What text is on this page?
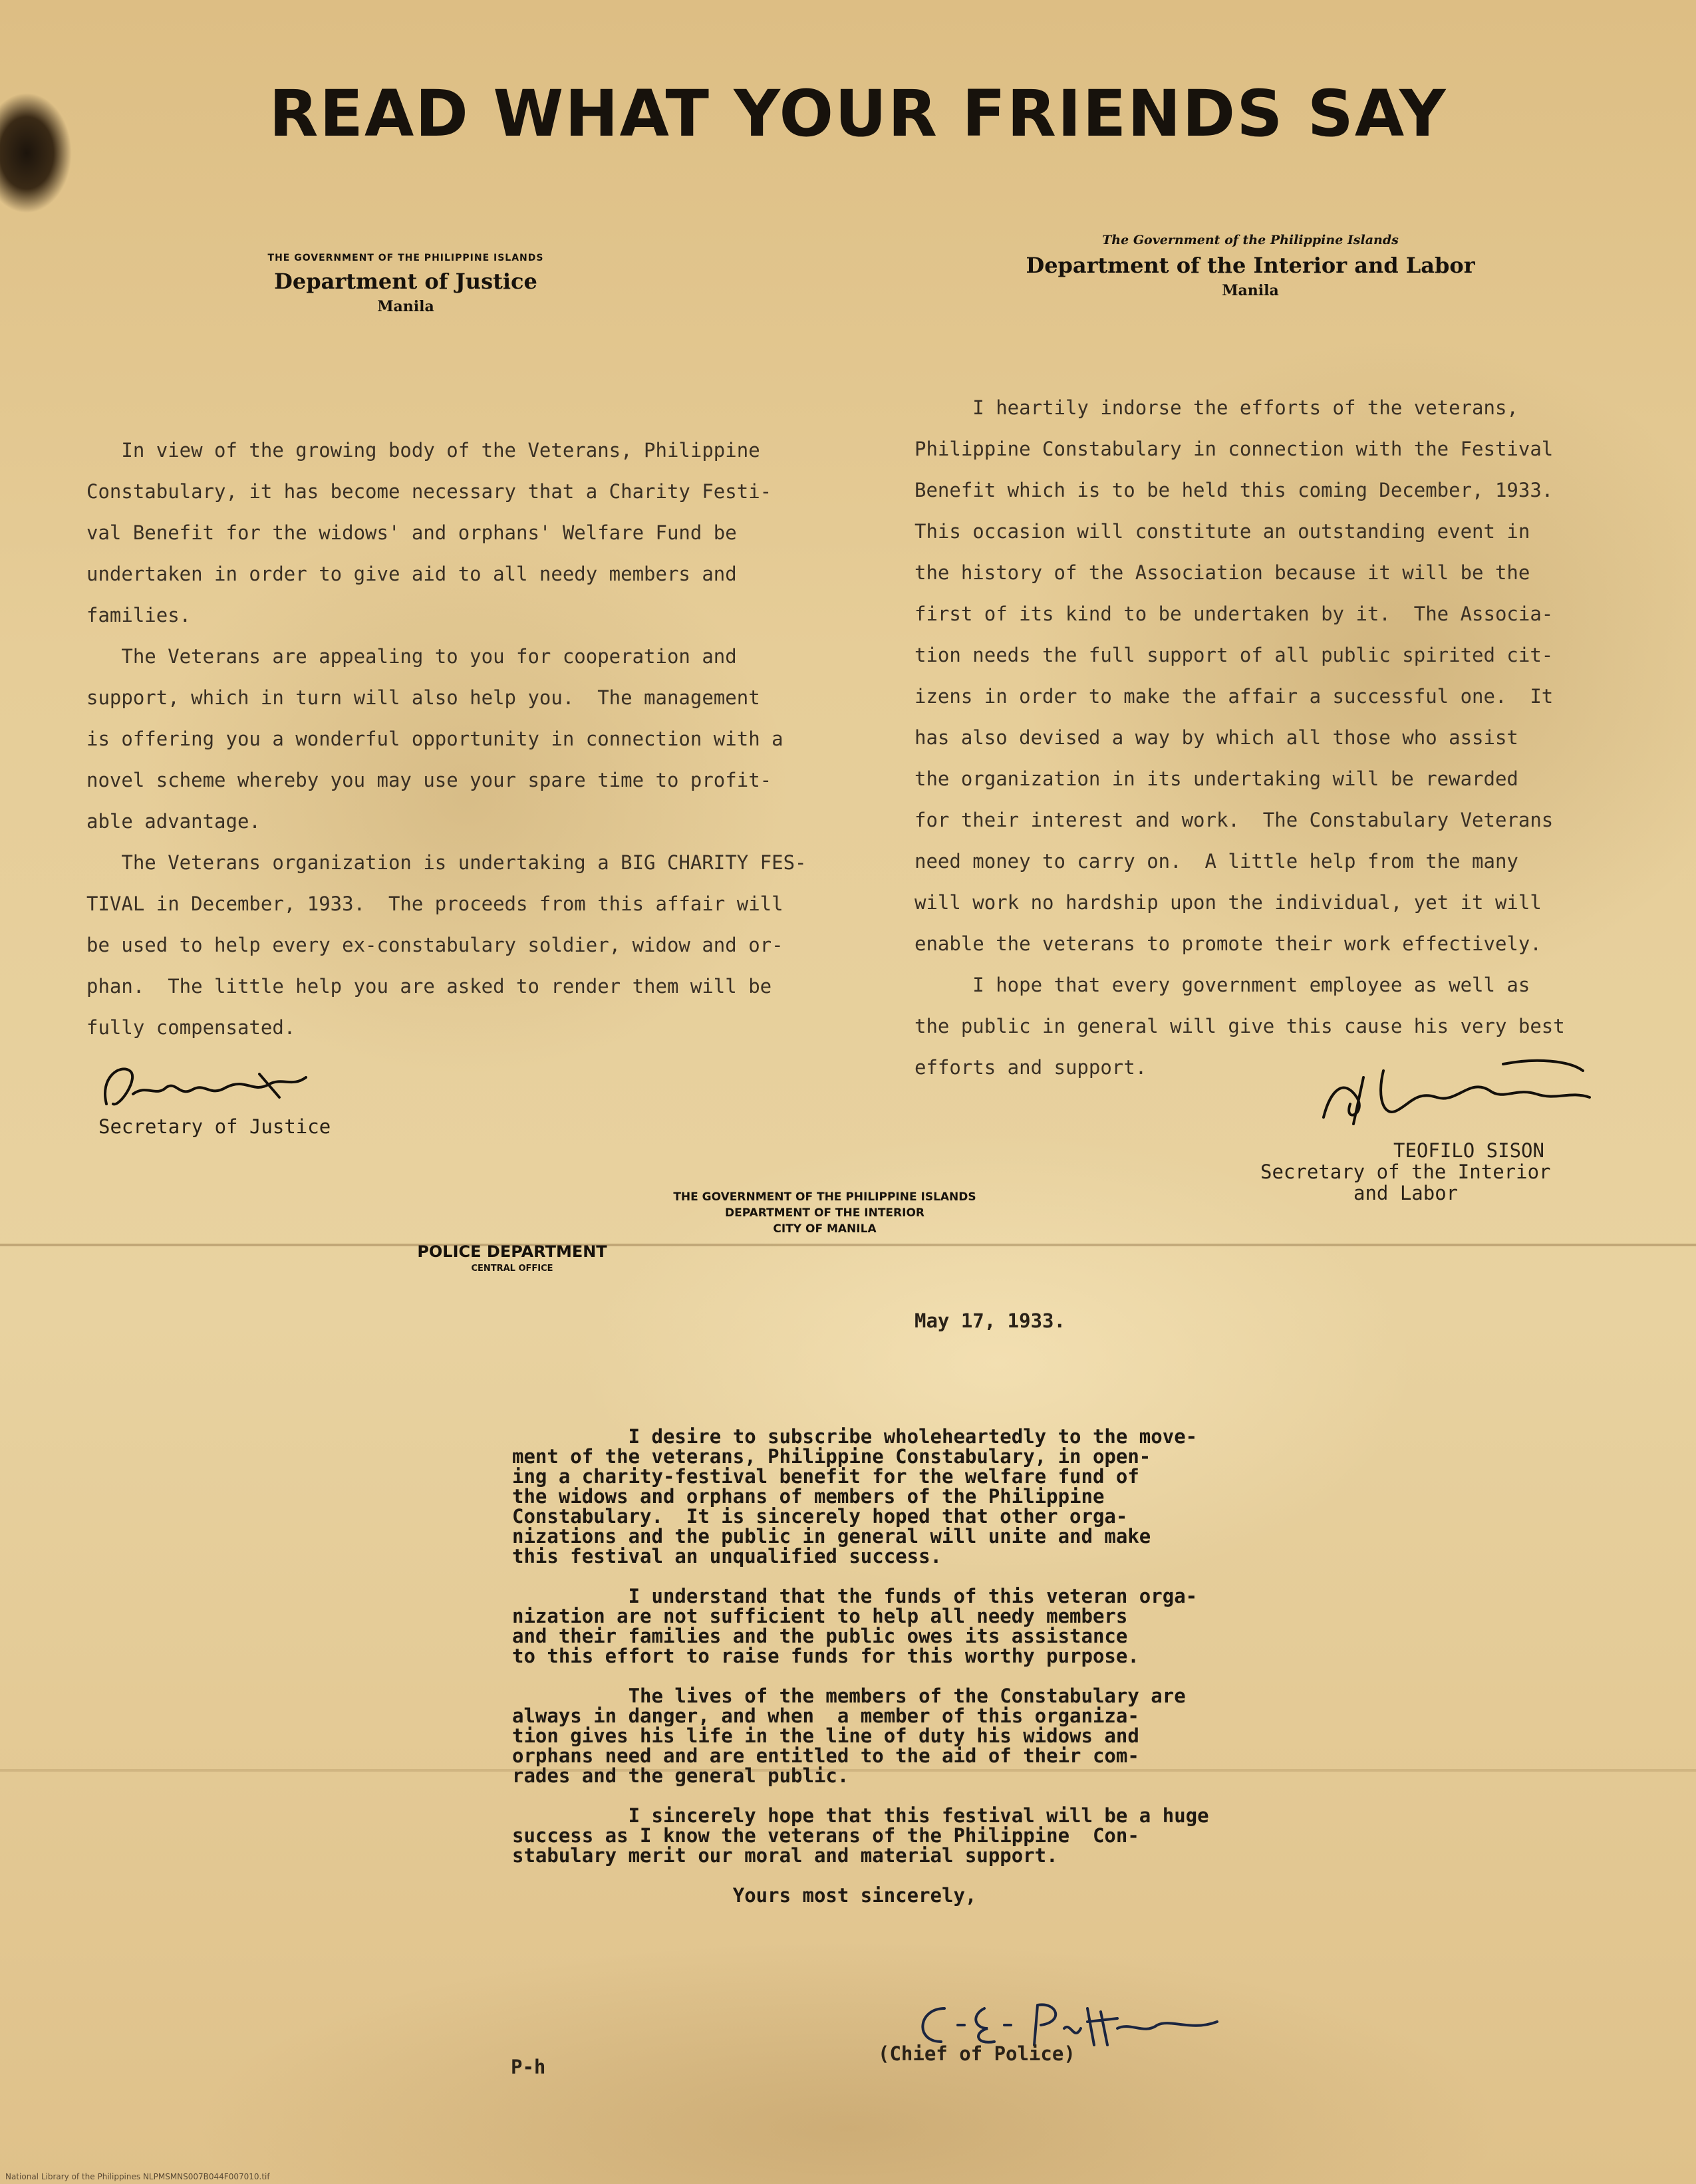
READ WHAT YOUR FRIENDS SAY
THE GOVERNMENT OF THE PHILIPPINE ISLANDS
Department of Justice
Manila
The Government of the Philippine Islands
Department of the Interior and Labor
Manila
In view of the growing body of the Veterans, Philippine
Constabulary, it has become necessary that a Charity Festi-
val Benefit for the widows' and orphans' Welfare Fund be
undertaken in order to give aid to all needy members and
families.
The Veterans are appealing to you for cooperation and
support, which in turn will also help you.  The management
is offering you a wonderful opportunity in connection with a
novel scheme whereby you may use your spare time to profit-
able advantage.
The Veterans organization is undertaking a BIG CHARITY FES-
TIVAL in December, 1933.  The proceeds from this affair will
be used to help every ex-constabulary soldier, widow and or-
phan.  The little help you are asked to render them will be
fully compensated.
Secretary of Justice
I heartily indorse the efforts of the veterans,
Philippine Constabulary in connection with the Festival
Benefit which is to be held this coming December, 1933.
This occasion will constitute an outstanding event in
the history of the Association because it will be the
first of its kind to be undertaken by it.  The Associa-
tion needs the full support of all public spirited cit-
izens in order to make the affair a successful one.  It
has also devised a way by which all those who assist
the organization in its undertaking will be rewarded
for their interest and work.  The Constabulary Veterans
need money to carry on.  A little help from the many
will work no hardship upon the individual, yet it will
enable the veterans to promote their work effectively.
I hope that every government employee as well as
the public in general will give this cause his very best
efforts and support.
TEOFILO SISON
Secretary of the Interior
and Labor
THE GOVERNMENT OF THE PHILIPPINE ISLANDS
DEPARTMENT OF THE INTERIOR
CITY OF MANILA
POLICE DEPARTMENT
CENTRAL OFFICE
May 17, 1933.
I desire to subscribe wholeheartedly to the move-
ment of the veterans, Philippine Constabulary, in open-
ing a charity-festival benefit for the welfare fund of
the widows and orphans of members of the Philippine
Constabulary.  It is sincerely hoped that other orga-
nizations and the public in general will unite and make
this festival an unqualified success.

I understand that the funds of this veteran orga-
nization are not sufficient to help all needy members
and their families and the public owes its assistance
to this effort to raise funds for this worthy purpose.

The lives of the members of the Constabulary are
always in danger, and when  a member of this organiza-
tion gives his life in the line of duty his widows and
orphans need and are entitled to the aid of their com-
rades and the general public.

I sincerely hope that this festival will be a huge
success as I know the veterans of the Philippine  Con-
stabulary merit our moral and material support.

Yours most sincerely,
(Chief of Police)
P-h
National Library of the Philippines NLPMSMNS007B044F007010.tif
